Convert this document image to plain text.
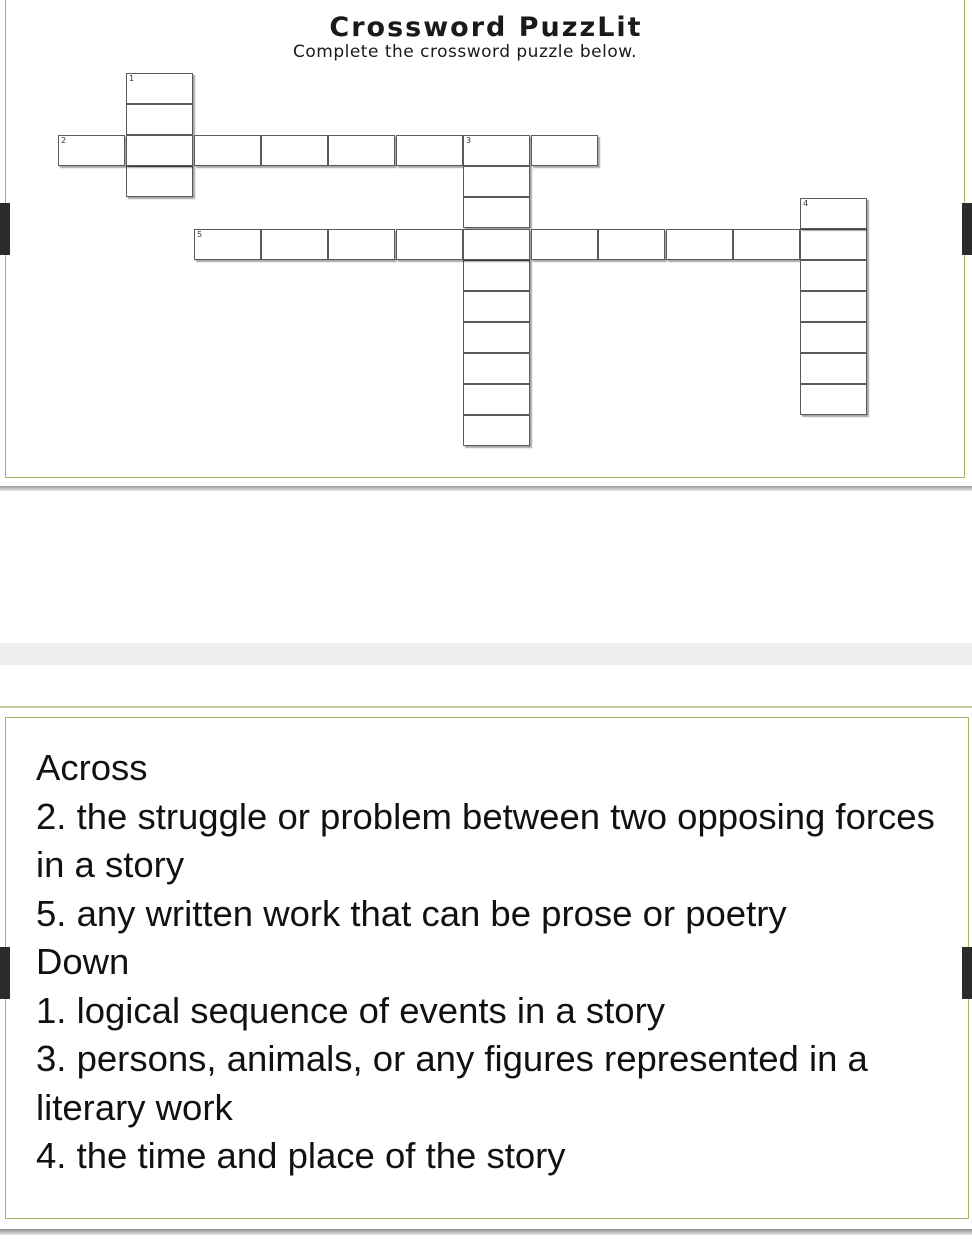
Crossword PuzzLit
Complete the crossword puzzle below.
1
2	3
5
4
Across
2. the struggle or problem between two opposing forces in a story
5. any written work that can be prose or poetry
Down
1. logical sequence of events in a story
3. persons, animals, or any figures represented in a literary work
4. the time and place of the story
